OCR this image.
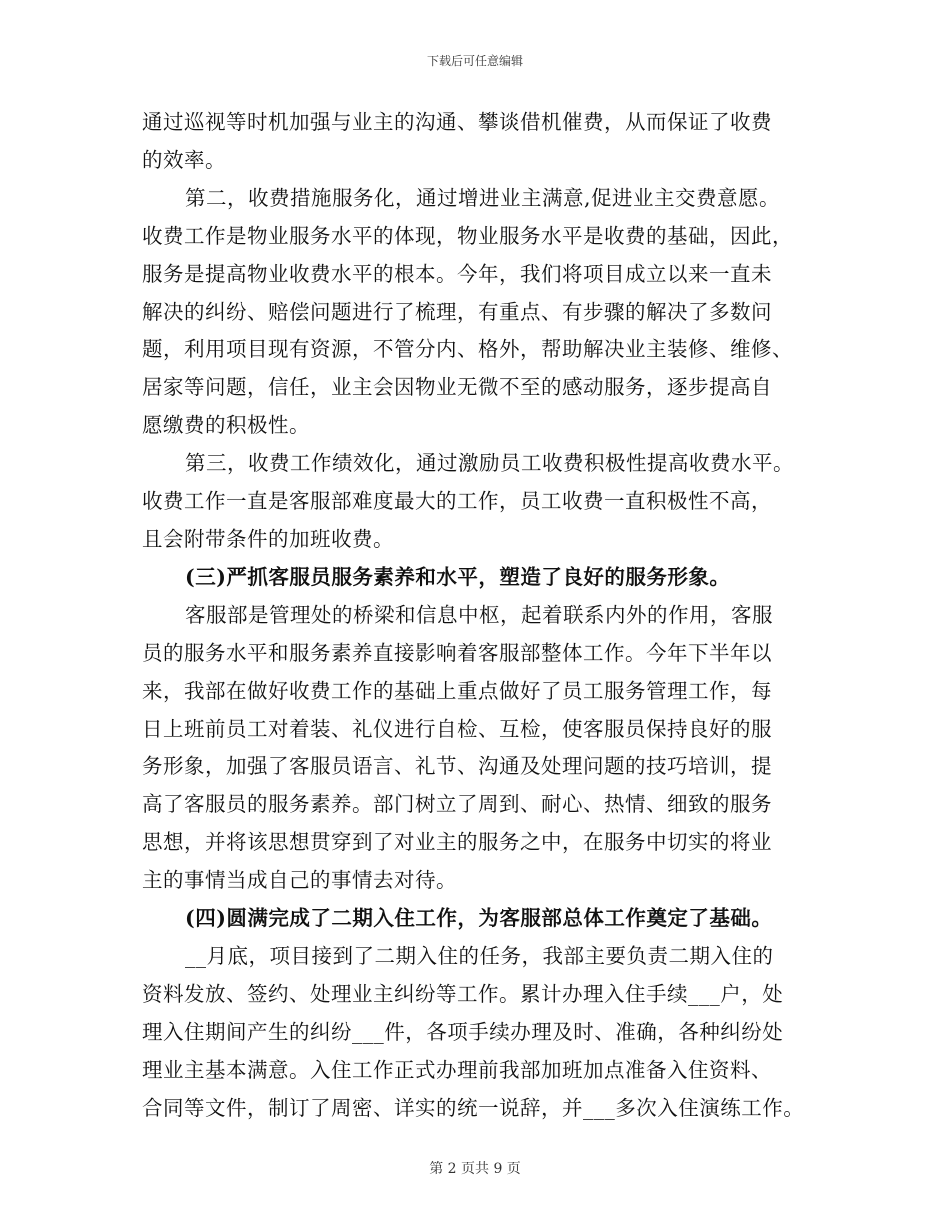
下载后可任意编辑

通过巡视等时机加强与业主的沟通、攀谈借机催费，从而保证了收费

的效率。

第二，收费措施服务化，通过增进业主满意,促进业主交费意愿。

收费工作是物业服务水平的体现，物业服务水平是收费的基础，因此，

服务是提高物业收费水平的根本。今年，我们将项目成立以来一直未

解决的纠纷、赔偿问题进行了梳理，有重点、有步骤的解决了多数问

题，利用项目现有资源，不管分内、格外，帮助解决业主装修、维修、

居家等问题，信任，业主会因物业无微不至的感动服务，逐步提高自

愿缴费的积极性。

第三，收费工作绩效化，通过激励员工收费积极性提高收费水平。

收费工作一直是客服部难度最大的工作，员工收费一直积极性不高，

且会附带条件的加班收费。

(三)严抓客服员服务素养和水平，塑造了良好的服务形象。

客服部是管理处的桥梁和信息中枢，起着联系内外的作用，客服

员的服务水平和服务素养直接影响着客服部整体工作。今年下半年以

来，我部在做好收费工作的基础上重点做好了员工服务管理工作，每

日上班前员工对着装、礼仪进行自检、互检，使客服员保持良好的服

务形象，加强了客服员语言、礼节、沟通及处理问题的技巧培训，提

高了客服员的服务素养。部门树立了周到、耐心、热情、细致的服务

思想，并将该思想贯穿到了对业主的服务之中，在服务中切实的将业

主的事情当成自己的事情去对待。

(四)圆满完成了二期入住工作，为客服部总体工作奠定了基础。

__月底，项目接到了二期入住的任务，我部主要负责二期入住的

资料发放、签约、处理业主纠纷等工作。累计办理入住手续___户，处

理入住期间产生的纠纷___件，各项手续办理及时、准确，各种纠纷处

理业主基本满意。入住工作正式办理前我部加班加点准备入住资料、

合同等文件，制订了周密、详实的统一说辞，并___多次入住演练工作。

第 2 页共 9 页
